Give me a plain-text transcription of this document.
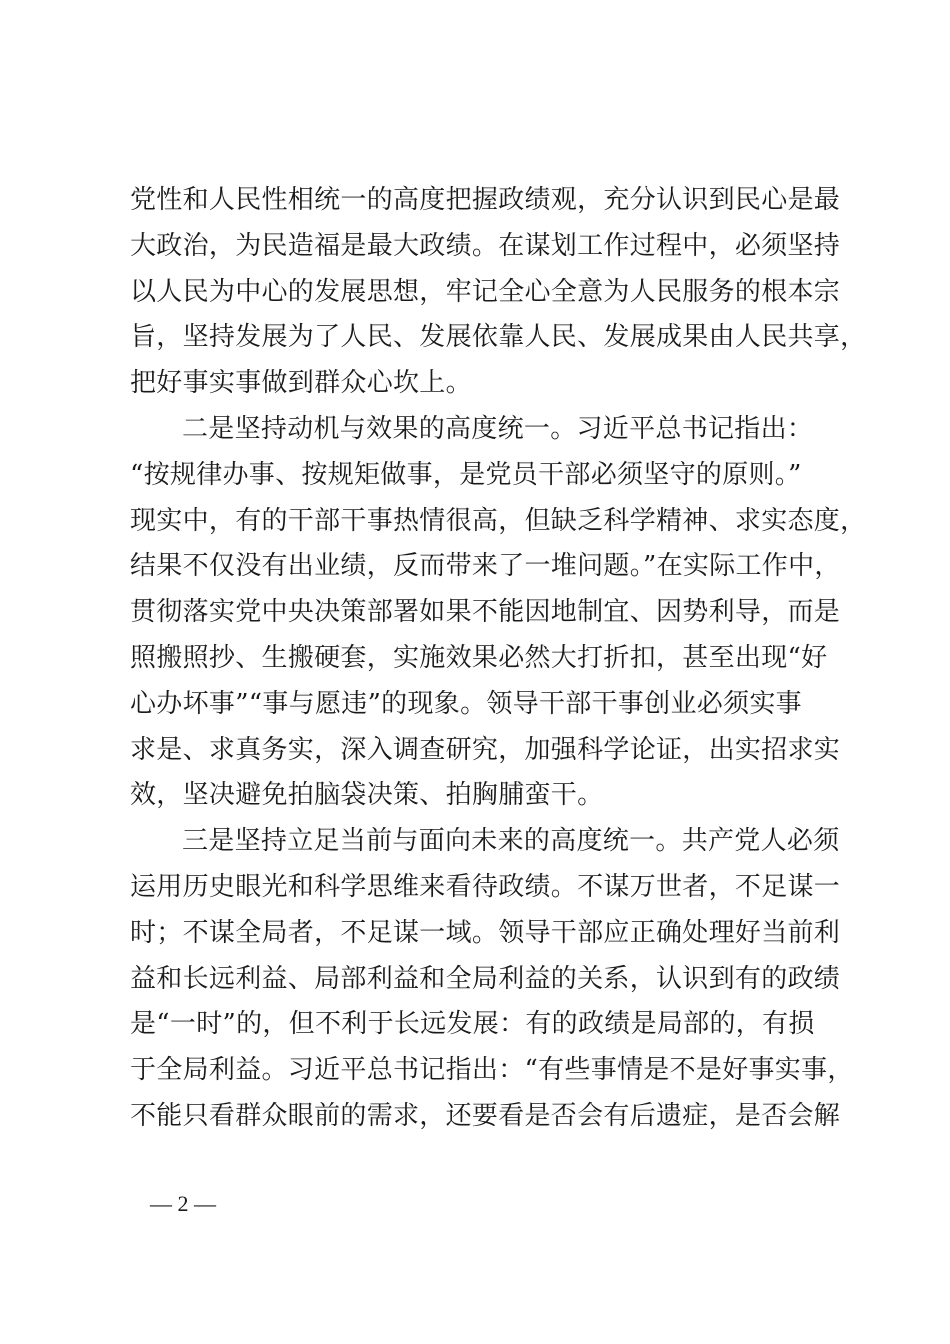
党性和人民性相统一的高度把握政绩观，充分认识到民心是最
大政治，为民造福是最大政绩。在谋划工作过程中，必须坚持
以人民为中心的发展思想，牢记全心全意为人民服务的根本宗
旨，坚持发展为了人民、发展依靠人民、发展成果由人民共享，
把好事实事做到群众心坎上。
二是坚持动机与效果的高度统一。习近平总书记指出：
“按规律办事、按规矩做事，是党员干部必须坚守的原则。”
现实中，有的干部干事热情很高，但缺乏科学精神、求实态度，
结果不仅没有出业绩，反而带来了一堆问题。”在实际工作中，
贯彻落实党中央决策部署如果不能因地制宜、因势利导，而是
照搬照抄、生搬硬套，实施效果必然大打折扣，甚至出现“好
心办坏事”“事与愿违”的现象。领导干部干事创业必须实事
求是、求真务实，深入调查研究，加强科学论证，出实招求实
效，坚决避免拍脑袋决策、拍胸脯蛮干。
三是坚持立足当前与面向未来的高度统一。共产党人必须
运用历史眼光和科学思维来看待政绩。不谋万世者，不足谋一
时；不谋全局者，不足谋一域。领导干部应正确处理好当前利
益和长远利益、局部利益和全局利益的关系，认识到有的政绩
是“一时”的，但不利于长远发展：有的政绩是局部的，有损
于全局利益。习近平总书记指出：“有些事情是不是好事实事，
不能只看群众眼前的需求，还要看是否会有后遗症，是否会解
— 2 —
